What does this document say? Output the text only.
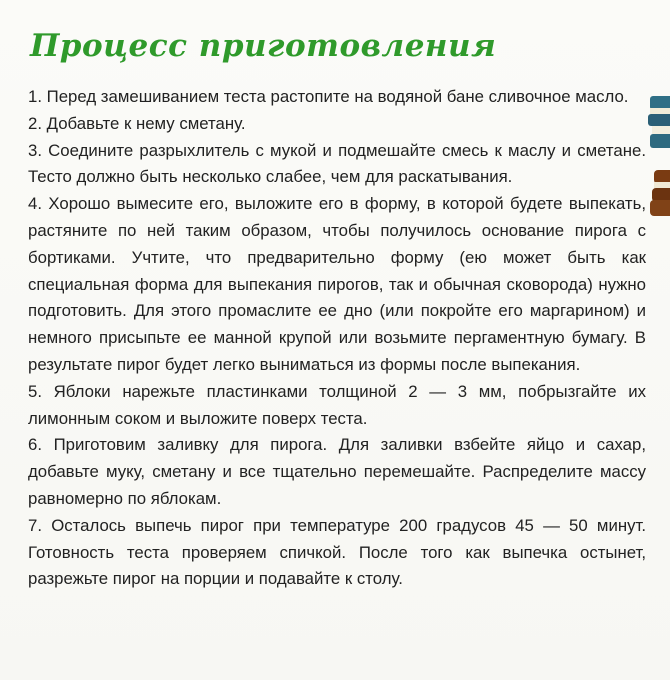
Процесс приготовления

1. Перед замешиванием теста растопите на водяной бане сливочное масло.

2. Добавьте к нему сметану.

3. Соедините разрыхлитель с мукой и подмешайте смесь к маслу и сметане. Тесто должно быть несколько слабее, чем для раскатывания.

4. Хорошо вымесите его, выложите его в форму, в которой будете выпекать, растяните по ней таким образом, чтобы получилось основание пирога с бортиками. Учтите, что предварительно форму (ею может быть как специальная форма для выпекания пирогов, так и обычная сковорода) нужно подготовить. Для этого промаслите ее дно (или покройте его маргарином) и немного присыпьте ее манной крупой или возьмите пергаментную бумагу. В результате пирог будет легко выниматься из формы после выпекания.

5. Яблоки нарежьте пластинками толщиной 2 — 3 мм, побрызгайте их лимонным соком и выложите поверх теста.

6. Приготовим заливку для пирога. Для заливки взбейте яйцо и сахар, добавьте муку, сметану и все тщательно перемешайте. Распределите массу равномерно по яблокам.

7. Осталось выпечь пирог при температуре 200 градусов 45 — 50 минут. Готовность теста проверяем спичкой. После того как выпечка остынет, разрежьте пирог на порции и подавайте к столу.
